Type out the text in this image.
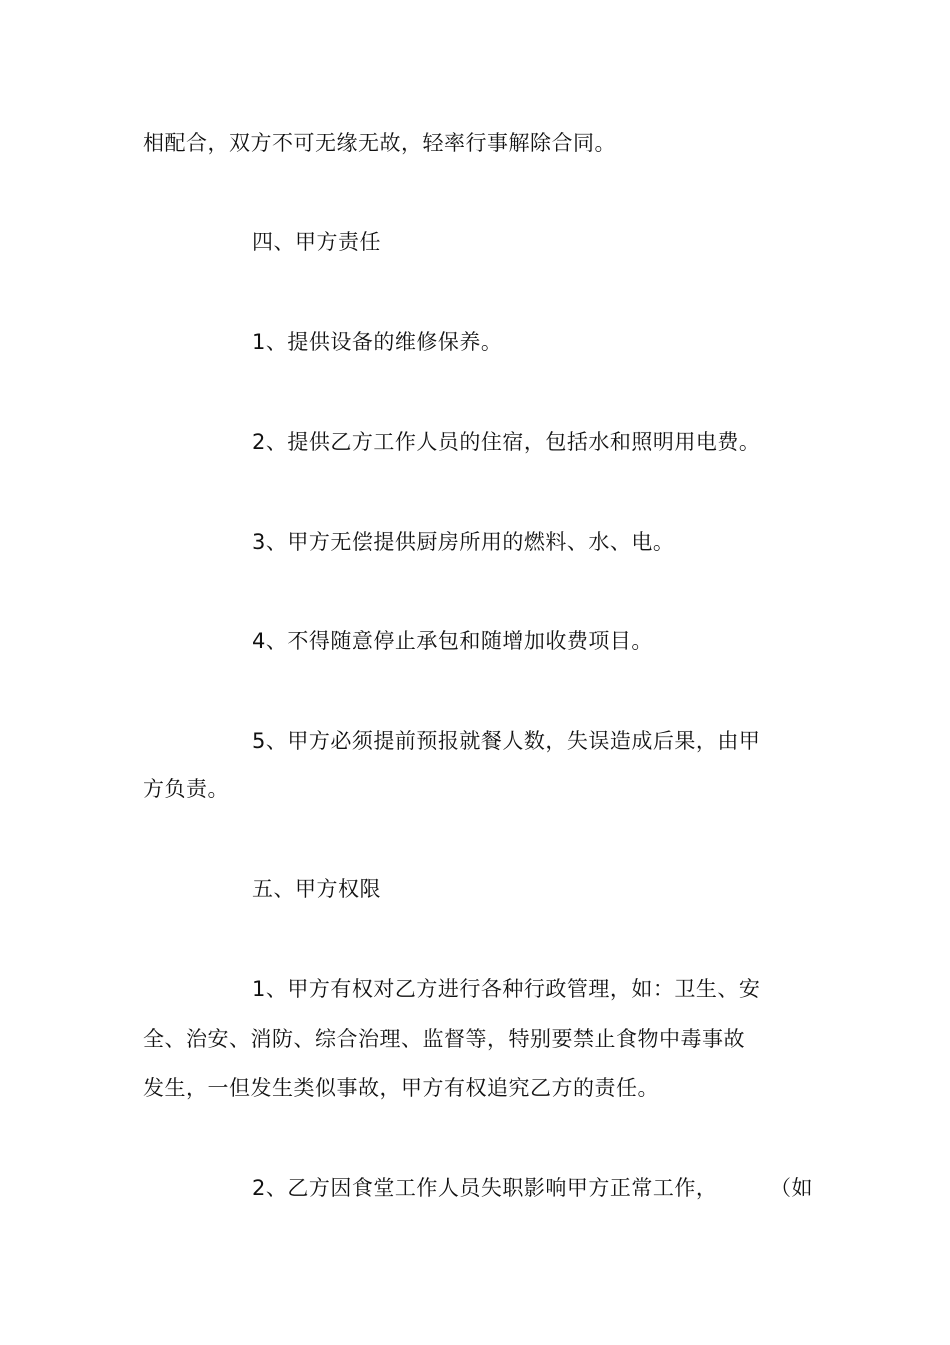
相配合，双方不可无缘无故，轻率行事解除合同。
四、甲方责任
1、提供设备的维修保养。
2、提供乙方工作人员的住宿，包括水和照明用电费。
3、甲方无偿提供厨房所用的燃料、水、电。
4、不得随意停止承包和随增加收费项目。
5、甲方必须提前预报就餐人数，失误造成后果，由甲
方负责。
五、甲方权限
1、甲方有权对乙方进行各种行政管理，如：卫生、安
全、治安、消防、综合治理、监督等，特别要禁止食物中毒事故
发生，一但发生类似事故，甲方有权追究乙方的责任。
2、乙方因食堂工作人员失职影响甲方正常工作，	（如
